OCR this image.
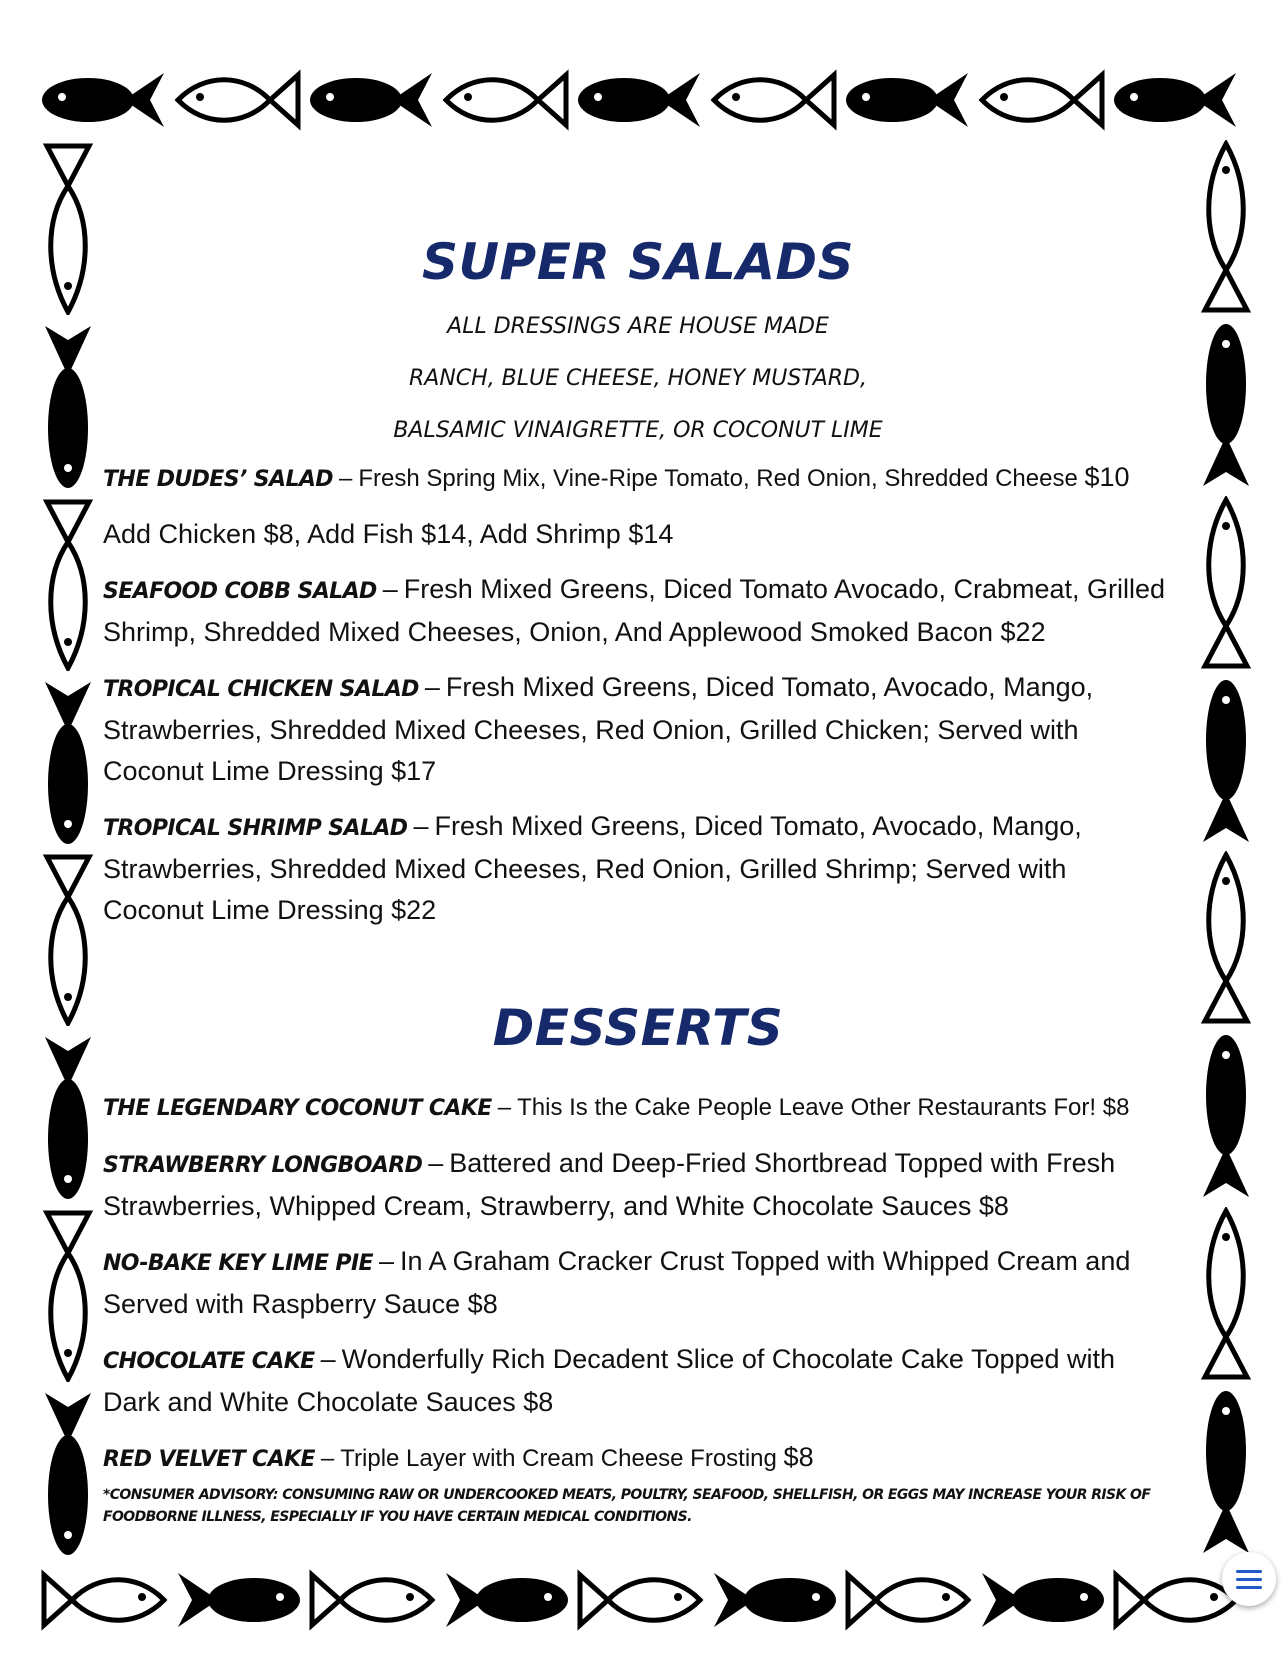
SUPER SALADS

ALL DRESSINGS ARE HOUSE MADE

RANCH, BLUE CHEESE, HONEY MUSTARD,

BALSAMIC VINAIGRETTE, OR COCONUT LIME

THE DUDES’ SALAD – Fresh Spring Mix, Vine-Ripe Tomato, Red Onion, Shredded Cheese $10

Add Chicken $8, Add Fish $14, Add Shrimp $14

SEAFOOD COBB SALAD – Fresh Mixed Greens, Diced Tomato Avocado, Crabmeat, Grilled Shrimp, Shredded Mixed Cheeses, Onion, And Applewood Smoked Bacon $22

TROPICAL CHICKEN SALAD – Fresh Mixed Greens, Diced Tomato, Avocado, Mango, Strawberries, Shredded Mixed Cheeses, Red Onion, Grilled Chicken; Served with Coconut Lime Dressing $17

TROPICAL SHRIMP SALAD – Fresh Mixed Greens, Diced Tomato, Avocado, Mango, Strawberries, Shredded Mixed Cheeses, Red Onion, Grilled Shrimp; Served with Coconut Lime Dressing $22

DESSERTS

THE LEGENDARY COCONUT CAKE – This Is the Cake People Leave Other Restaurants For! $8

STRAWBERRY LONGBOARD – Battered and Deep-Fried Shortbread Topped with Fresh Strawberries, Whipped Cream, Strawberry, and White Chocolate Sauces $8

NO-BAKE KEY LIME PIE – In A Graham Cracker Crust Topped with Whipped Cream and Served with Raspberry Sauce $8

CHOCOLATE CAKE – Wonderfully Rich Decadent Slice of Chocolate Cake Topped with Dark and White Chocolate Sauces $8

RED VELVET CAKE – Triple Layer with Cream Cheese Frosting $8

*CONSUMER ADVISORY: CONSUMING RAW OR UNDERCOOKED MEATS, POULTRY, SEAFOOD, SHELLFISH, OR EGGS MAY INCREASE YOUR RISK OF FOODBORNE ILLNESS, ESPECIALLY IF YOU HAVE CERTAIN MEDICAL CONDITIONS.
